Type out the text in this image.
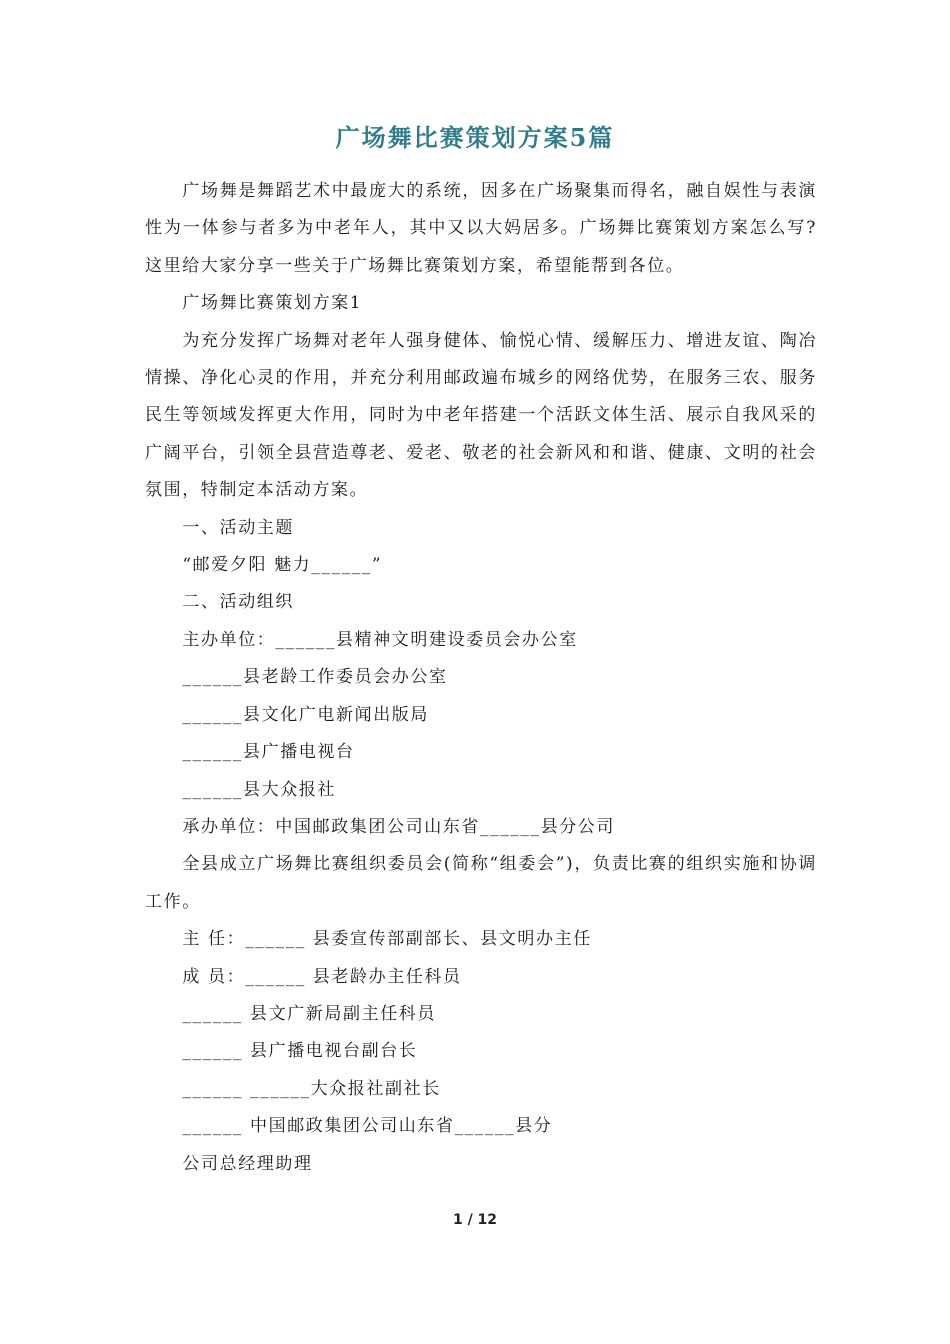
广场舞比赛策划方案5篇

广场舞是舞蹈艺术中最庞大的系统，因多在广场聚集而得名，融自娱性与表演性为一体参与者多为中老年人，其中又以大妈居多。广场舞比赛策划方案怎么写?这里给大家分享一些关于广场舞比赛策划方案，希望能帮到各位。

广场舞比赛策划方案1

为充分发挥广场舞对老年人强身健体、愉悦心情、缓解压力、增进友谊、陶冶情操、净化心灵的作用，并充分利用邮政遍布城乡的网络优势，在服务三农、服务民生等领域发挥更大作用，同时为中老年搭建一个活跃文体生活、展示自我风采的广阔平台，引领全县营造尊老、爱老、敬老的社会新风和和谐、健康、文明的社会氛围，特制定本活动方案。

一、活动主题

“邮爱夕阳 魅力______”

二、活动组织

主办单位：______县精神文明建设委员会办公室

______县老龄工作委员会办公室

______县文化广电新闻出版局

______县广播电视台

______县大众报社

承办单位：中国邮政集团公司山东省______县分公司

全县成立广场舞比赛组织委员会(简称“组委会”)，负责比赛的组织实施和协调工作。

主 任：______ 县委宣传部副部长、县文明办主任

成 员：______ 县老龄办主任科员

______ 县文广新局副主任科员

______ 县广播电视台副台长

______ ______大众报社副社长

______ 中国邮政集团公司山东省______县分

公司总经理助理

1 / 12
